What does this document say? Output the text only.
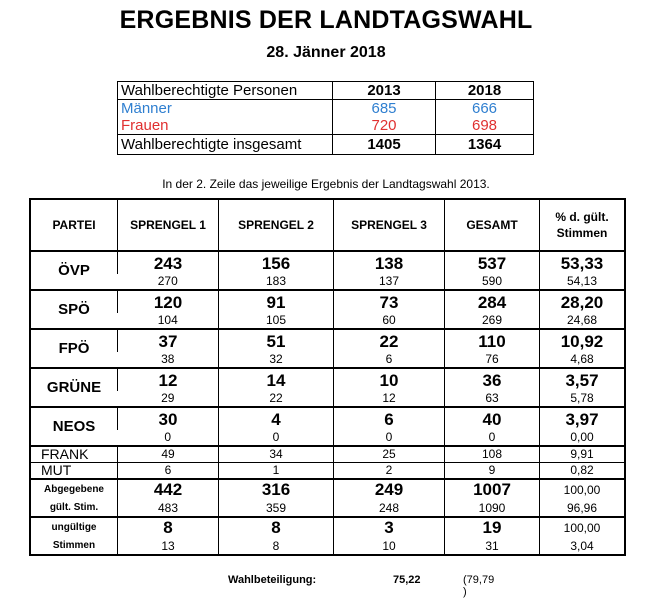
ERGEBNIS DER LANDTAGSWAHL
28. Jänner 2018
Wahlberechtigte Personen	2013	2018
Männer	685	666
Frauen	720	698
Wahlberechtigte insgesamt	1405	1364
In der 2. Zeile das jeweilige Ergebnis der Landtagswahl 2013.
PARTEI	SPRENGEL 1	SPRENGEL 2	SPRENGEL 3	GESAMT	% d. gült.
Stimmen
ÖVP	243	156	138	537	53,33
	270	183	137	590	54,13
SPÖ	120	91	73	284	28,20
	104	105	60	269	24,68
FPÖ	37	51	22	110	10,92
	38	32	6	76	4,68
GRÜNE	12	14	10	36	3,57
	29	22	12	63	5,78
NEOS	30	4	6	40	3,97
	0	0	0	0	0,00
FRANK	49	34	25	108	9,91
MUT	6	1	2	9	0,82
Abgegebene	442	316	249	1007	100,00
gült. Stim.	483	359	248	1090	96,96
ungültige	8	8	3	19	100,00
Stimmen	13	8	10	31	3,04
Wahlbeteiligung:	75,22	(79,79 )
